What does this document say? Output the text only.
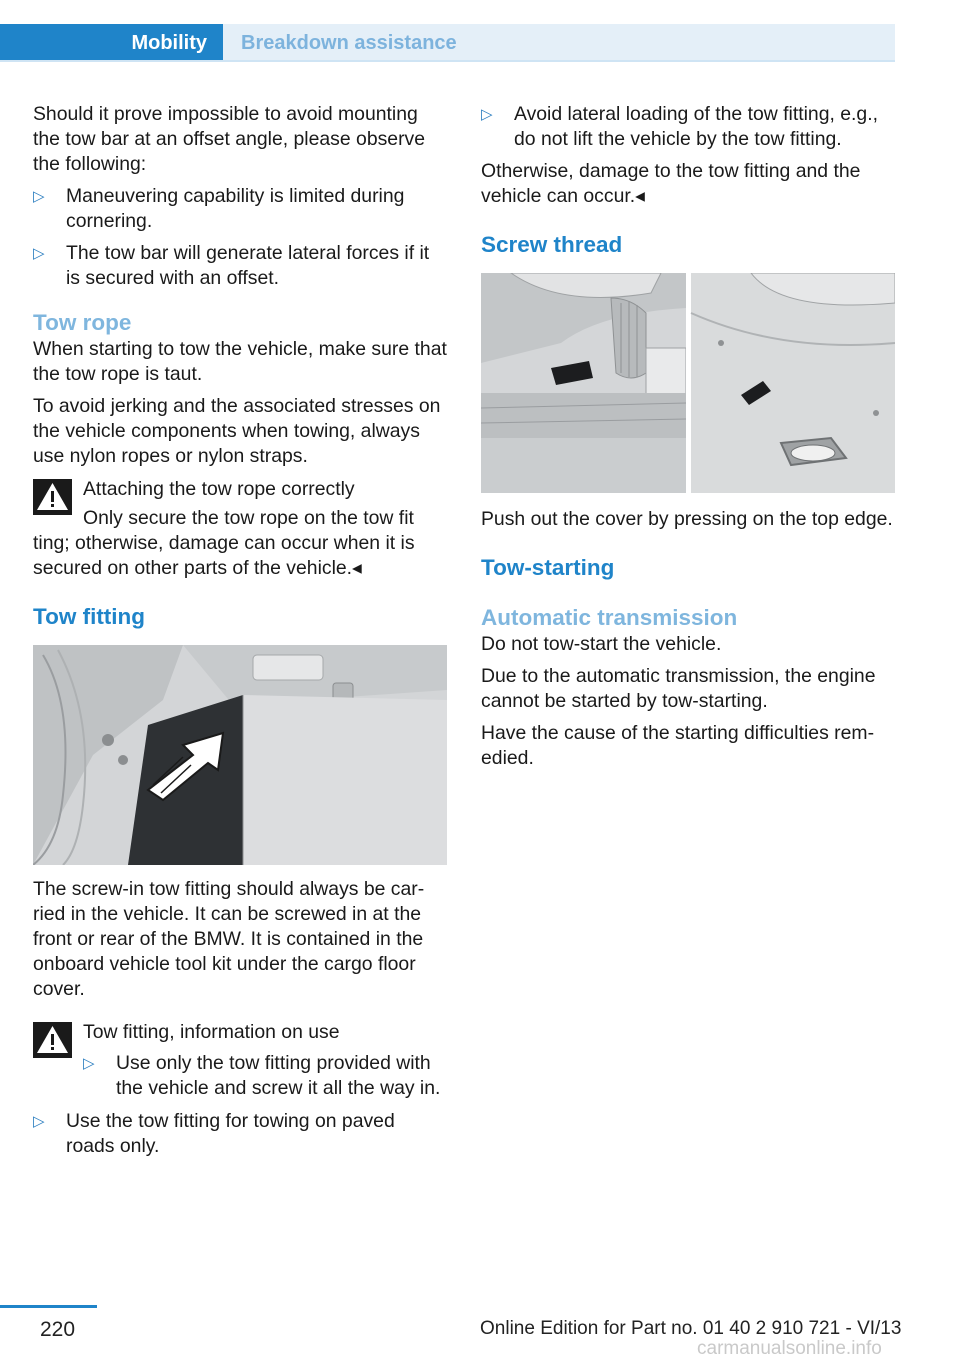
Mobility Breakdown assistance

Should it prove impossible to avoid mounting the tow bar at an offset angle, please observe the following:

▷	Maneuvering capability is limited during cornering.
▷	The tow bar will generate lateral forces if it is secured with an offset.
Tow rope

When starting to tow the vehicle, make sure that the tow rope is taut.

To avoid jerking and the associated stresses on the vehicle components when towing, always use nylon ropes or nylon straps.

Attaching the tow rope correctly

Only secure the tow rope on the tow fit

ting; otherwise, damage can occur when it is secured on other parts of the vehicle.◂

Tow fitting

The screw-in tow fitting should always be carried in the vehicle. It can be screwed in at the front or rear of the BMW. It is contained in the onboard vehicle tool kit under the cargo floor cover.

Tow fitting, information on use

▷	Use only the tow fitting provided with the vehicle and screw it all the way in.
▷	Use the tow fitting for towing on paved roads only.
▷	Avoid lateral loading of the tow fitting, e.g., do not lift the vehicle by the tow fitting.

Otherwise, damage to the tow fitting and the vehicle can occur.◂

Screw thread

Push out the cover by pressing on the top edge.

Tow-starting
Automatic transmission

Do not tow-start the vehicle.

Due to the automatic transmission, the engine cannot be started by tow-starting.

Have the cause of the starting difficulties remedied.

220	Online Edition for Part no. 01 40 2 910 721 - VI/13
carmanualsonline.info
